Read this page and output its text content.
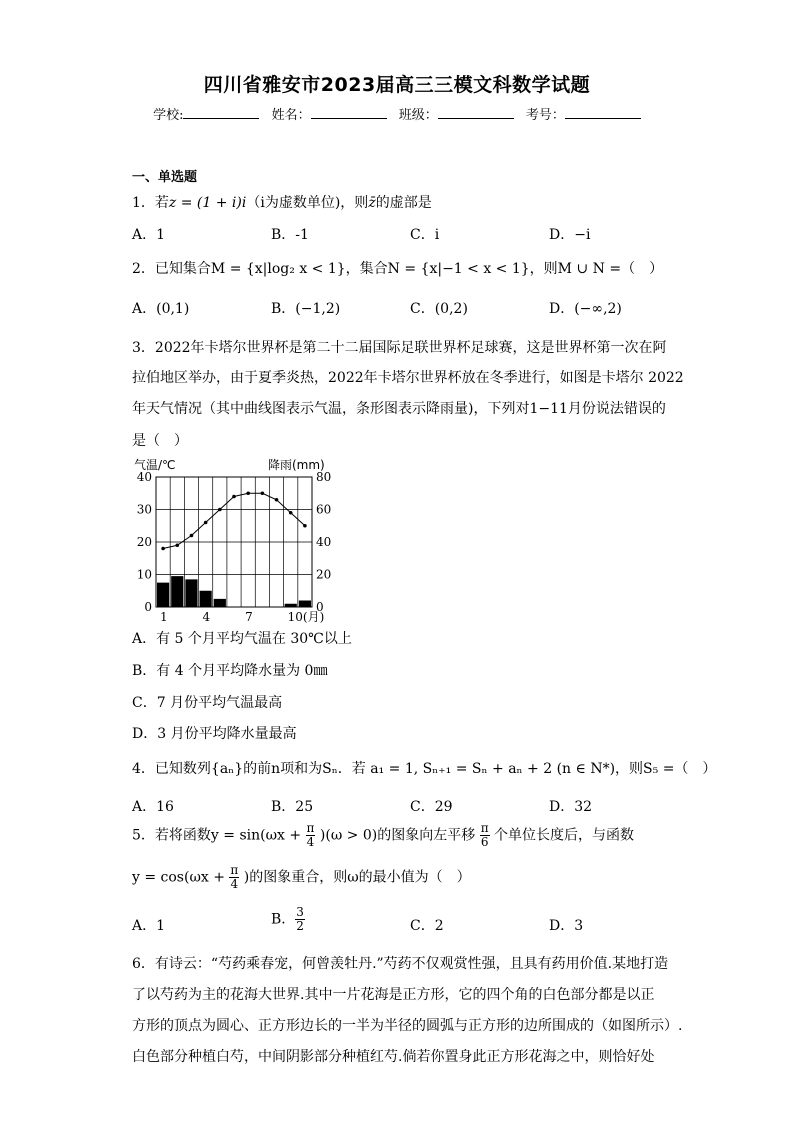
四川省雅安市2023届高三三模文科数学试题
学校:	姓名：	班级：	考号：
一、单选题
1．若z = (1 + i)i（i为虚数单位)，则z̄的虚部是
A．1	B．-1	C．i	D．−i
2．已知集合M = {x|log₂ x < 1}，集合N = {x|−1 < x < 1}，则M ∪ N =（　）
A．(0,1)	B．(−1,2)	C．(0,2)	D．(−∞,2)
3．2022年卡塔尔世界杯是第二十二届国际足联世界杯足球赛，这是世界杯第一次在阿
拉伯地区举办，由于夏季炎热，2022年卡塔尔世界杯放在冬季进行，如图是卡塔尔 2022
年天气情况（其中曲线图表示气温，条形图表示降雨量)，下列对1−11月份说法错误的
是（　）
0	0
10	20
20	40
30	60
40	80
气温/℃	降雨(mm)
1	4	7	10(月)
A．有 5 个月平均气温在 30℃以上
B．有 4 个月平均降水量为 0㎜
C．7 月份平均气温最高
D．3 月份平均降水量最高
4．已知数列{aₙ}的前n项和为Sₙ．若 a₁ = 1, Sₙ₊₁ = Sₙ + aₙ + 2 (n ∈ N*)，则S₅ =（　）
A．16	B．25	C．29	D．32
5．若将函数$y = \sin(\omega x + \frac{\pi}{4} )(\omega > 0)$的图象向左平移 $\frac{\pi}{6}$ 个单位长度后，与函数
$y = \cos(\omega x + \frac{\pi}{4}$ )的图象重合，则ω的最小值为（　）
A．1	B． $\frac{3}{2}$	C．2	D．3
6．有诗云：“芍药乘春宠，何曾羡牡丹.”芍药不仅观赏性强，且具有药用价值.某地打造
了以芍药为主的花海大世界.其中一片花海是正方形，它的四个角的白色部分都是以正
方形的顶点为圆心、正方形边长的一半为半径的圆弧与正方形的边所围成的（如图所示）.
白色部分种植白芍，中间阴影部分种植红芍.倘若你置身此正方形花海之中，则恰好处
